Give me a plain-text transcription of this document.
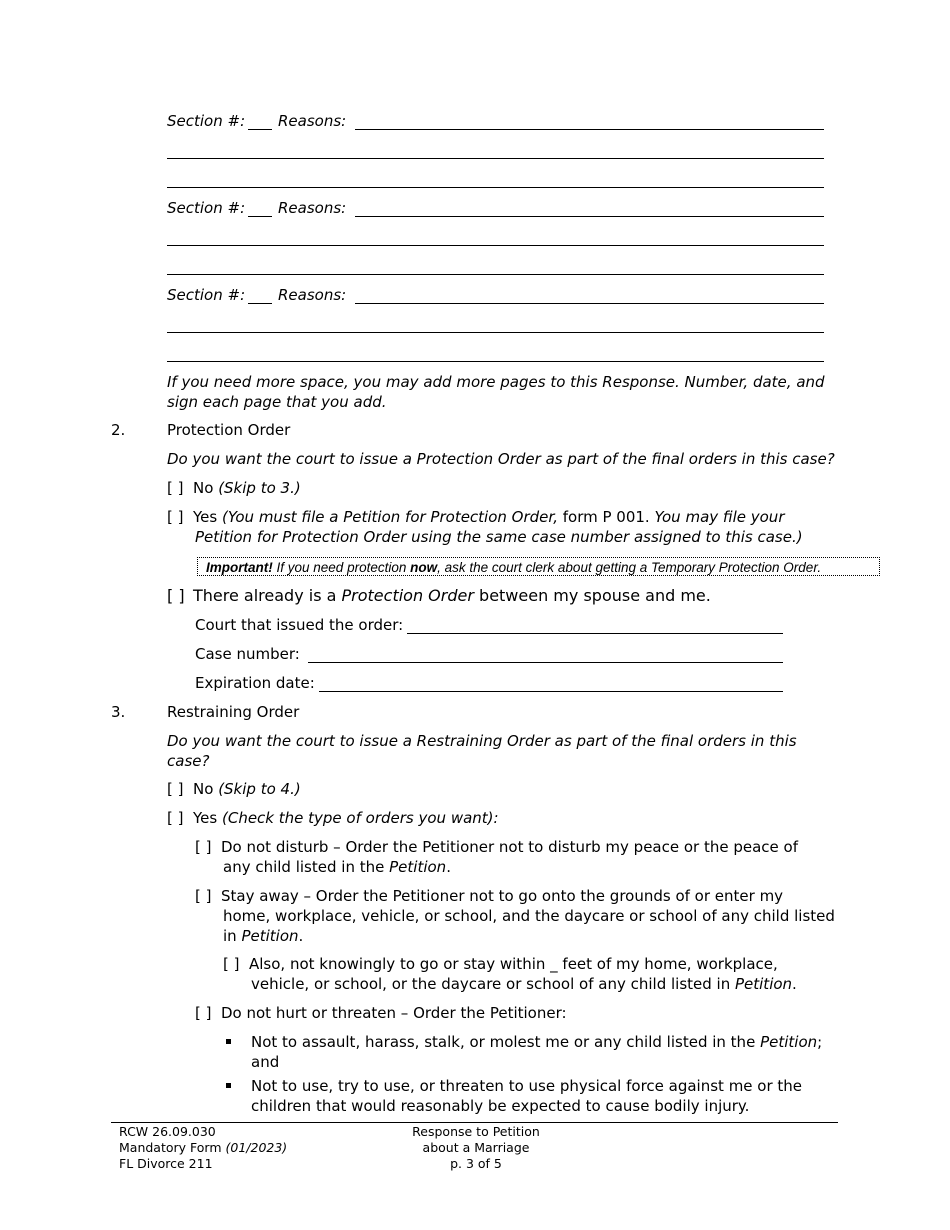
Section #: Reasons:
Section #: Reasons:
Section #: Reasons:
If you need more space, you may add more pages to this Response. Number, date, and sign each page that you add.
2.	Protection Order
Do you want the court to issue a Protection Order as part of the final orders in this case?
[ ] No (Skip to 3.)
[ ] Yes (You must file a Petition for Protection Order, form P 001. You may file your
Petition for Protection Order using the same case number assigned to this case.)
Important! If you need protection now, ask the court clerk about getting a Temporary Protection Order.
[ ] There already is a Protection Order between my spouse and me.
Court that issued the order:
Case number:
Expiration date:
3.	Restraining Order
Do you want the court to issue a Restraining Order as part of the final orders in this
case?
[ ] No (Skip to 4.)
[ ] Yes (Check the type of orders you want):
[ ] Do not disturb – Order the Petitioner not to disturb my peace or the peace of
any child listed in the Petition.
[ ] Stay away – Order the Petitioner not to go onto the grounds of or enter my
home, workplace, vehicle, or school, and the daycare or school of any child listed
in Petition.
[ ] Also, not knowingly to go or stay within _ feet of my home, workplace,
vehicle, or school, or the daycare or school of any child listed in Petition.
[ ] Do not hurt or threaten – Order the Petitioner:
Not to assault, harass, stalk, or molest me or any child listed in the Petition;
and
Not to use, try to use, or threaten to use physical force against me or the
children that would reasonably be expected to cause bodily injury.
RCW 26.09.030
Mandatory Form (01/2023)
FL Divorce 211
Response to Petition
about a Marriage
p. 3 of 5
